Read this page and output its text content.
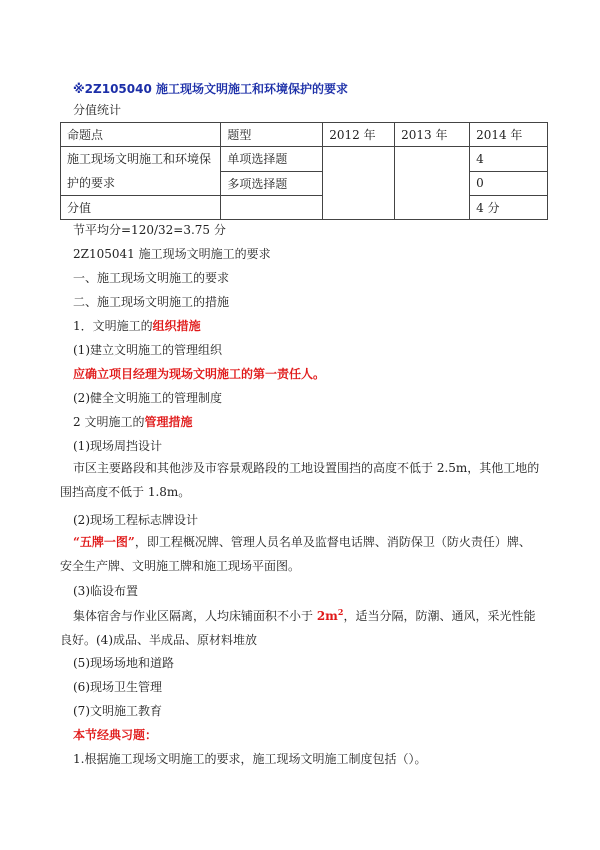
※2Z105040 施工现场文明施工和环境保护的要求
分值统计
命题点	题型	2012 年	2013 年	2014 年
施工现场文明施工和环境保护的要求	单项选择题			4
	多项选择题			0
分值				4 分
节平均分=120/32=3.75 分
2Z105041 施工现场文明施工的要求
一、施工现场文明施工的要求
二、施工现场文明施工的措施
1．文明施工的组织措施
(1)建立文明施工的管理组织
应确立项目经理为现场文明施工的第一责任人。
(2)健全文明施工的管理制度
2 文明施工的管理措施
(1)现场周挡设计
市区主要路段和其他涉及市容景观路段的工地设置围挡的高度不低于 2.5m，其他工地的围挡高度不低于 1.8m。
(2)现场工程标志牌设计
“五牌一图”，即工程概况牌、管理人员名单及监督电话牌、消防保卫（防火责任）牌、安全生产牌、文明施工牌和施工现场平面图。
(3)临设布置
集体宿舍与作业区隔离，人均床铺面积不小于 $2m^2$，适当分隔，防潮、通风，采光性能良好。(4)成品、半成品、原材料堆放
(5)现场场地和道路
(6)现场卫生管理
(7)文明施工教育
本节经典习题：
1.根据施工现场文明施工的要求，施工现场文明施工制度包括（）。
